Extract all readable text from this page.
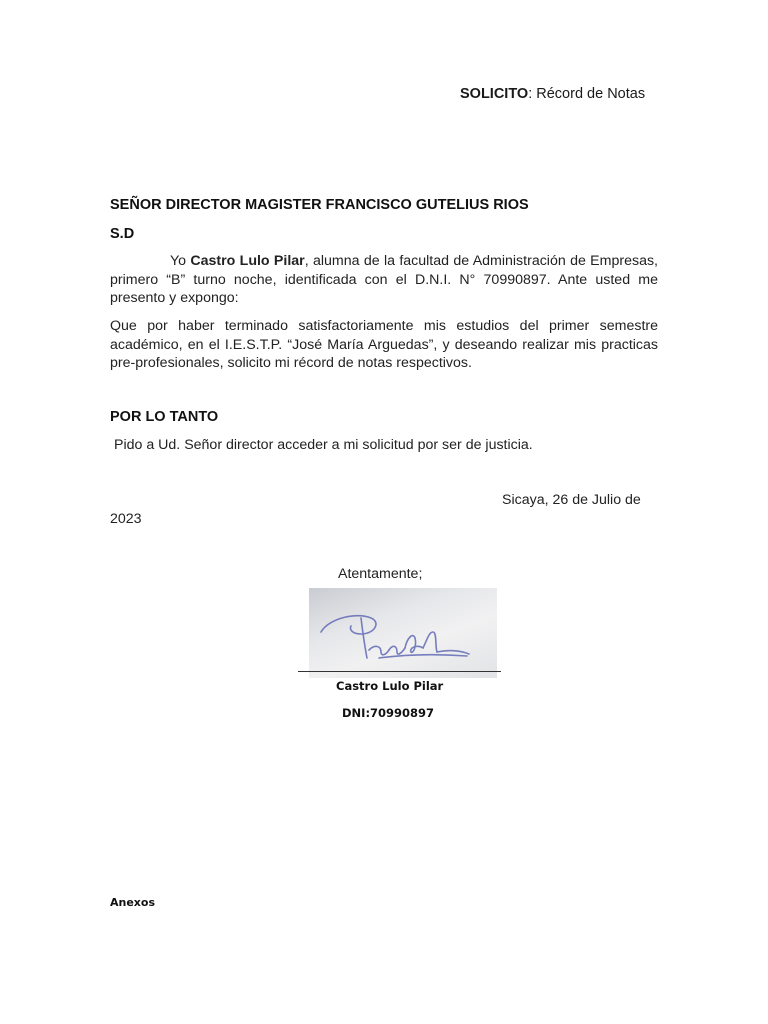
SOLICITO: Récord de Notas
SEÑOR DIRECTOR MAGISTER FRANCISCO GUTELIUS RIOS
S.D
Yo Castro Lulo Pilar, alumna de la facultad de Administración de Empresas, primero “B” turno noche, identificada con el D.N.I. N° 70990897. Ante usted me presento y expongo:
Que por haber terminado satisfactoriamente mis estudios del primer semestre académico, en el I.E.S.T.P. “José María Arguedas”, y deseando realizar mis practicas pre-profesionales, solicito mi récord de notas respectivos.
POR LO TANTO
Pido a Ud. Señor director acceder a mi solicitud por ser de justicia.
Sicaya, 26 de Julio de
2023
Atentamente;
Castro Lulo Pilar
DNI:70990897
Anexos
